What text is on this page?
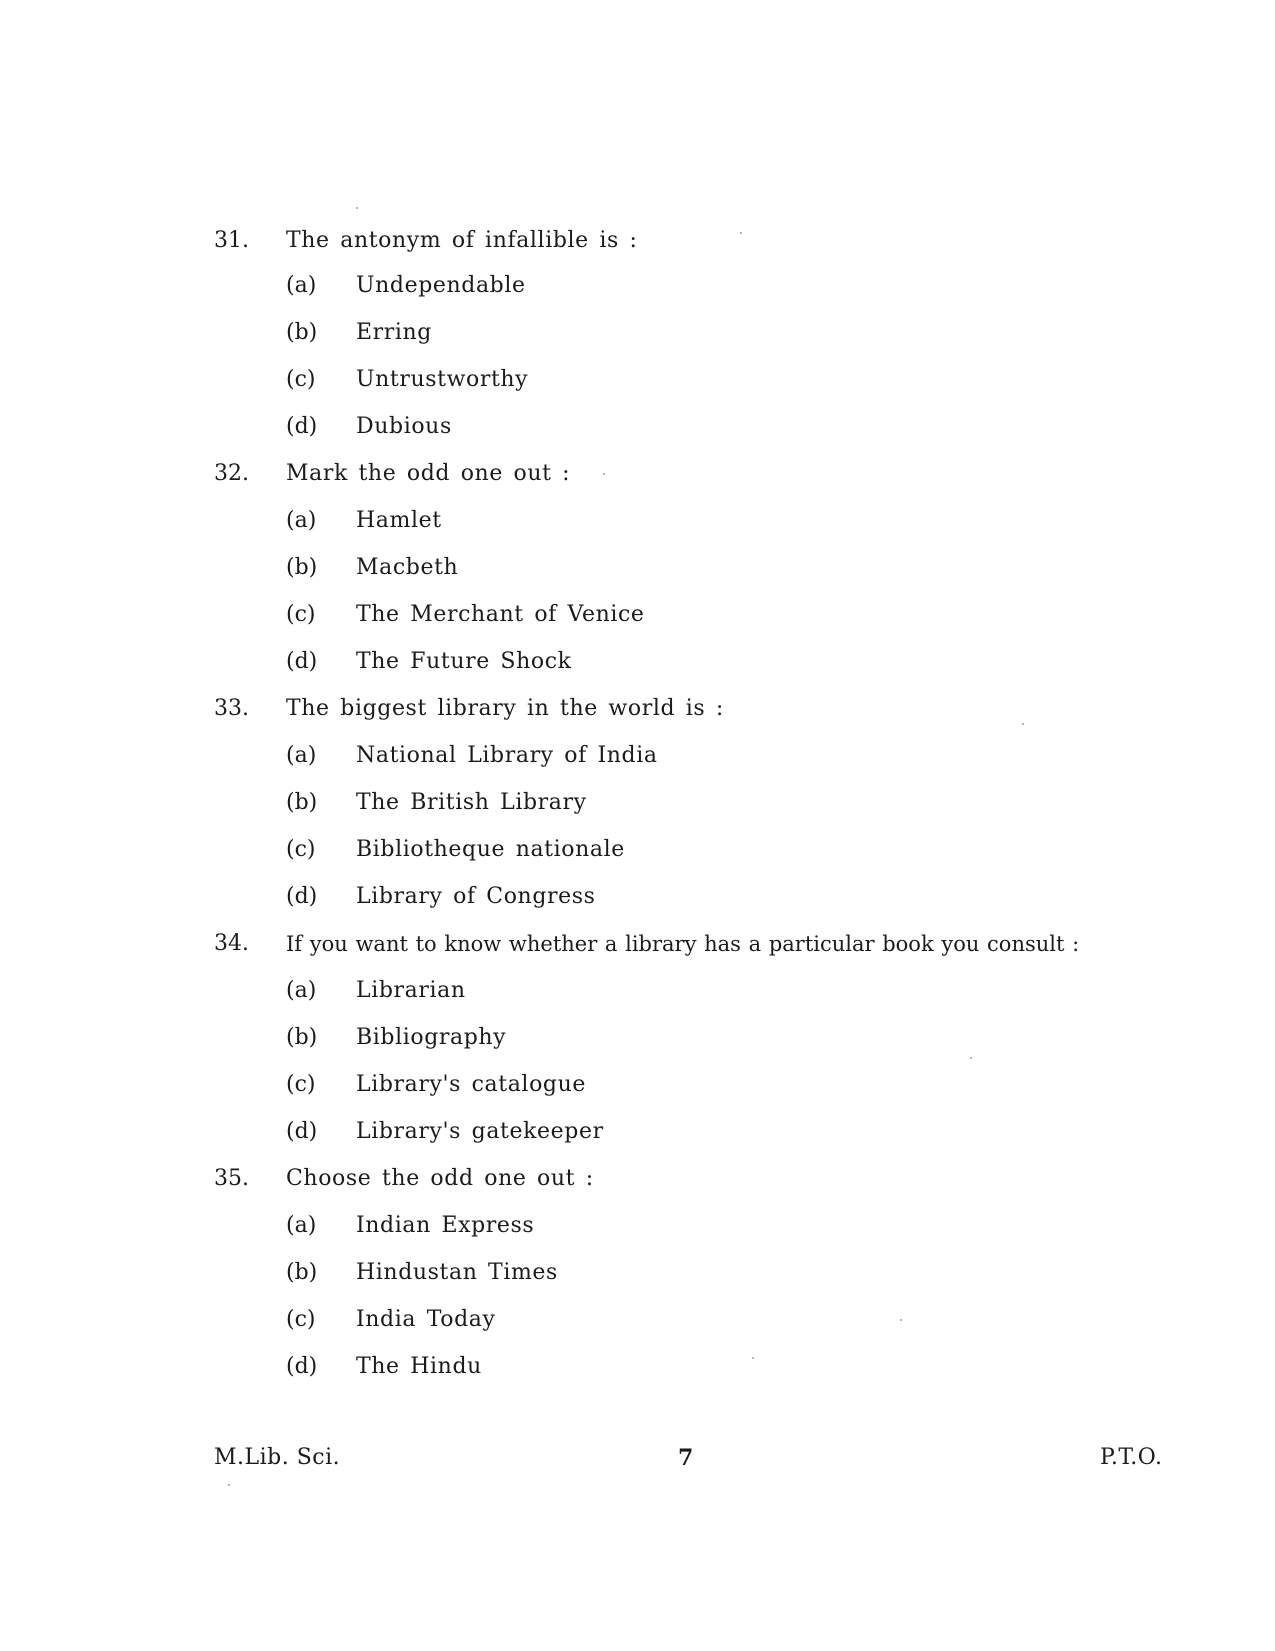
31. The antonym of infallible is :
(a) Undependable
(b) Erring
(c) Untrustworthy
(d) Dubious
32. Mark the odd one out :
(a) Hamlet
(b) Macbeth
(c) The Merchant of Venice
(d) The Future Shock
33. The biggest library in the world is :
(a) National Library of India
(b) The British Library
(c) Bibliotheque nationale
(d) Library of Congress
34. If you want to know whether a library has a particular book you consult :
(a) Librarian
(b) Bibliography
(c) Library's catalogue
(d) Library's gatekeeper
35. Choose the odd one out :
(a) Indian Express
(b) Hindustan Times
(c) India Today
(d) The Hindu
M.Lib. Sci.	7	P.T.O.
